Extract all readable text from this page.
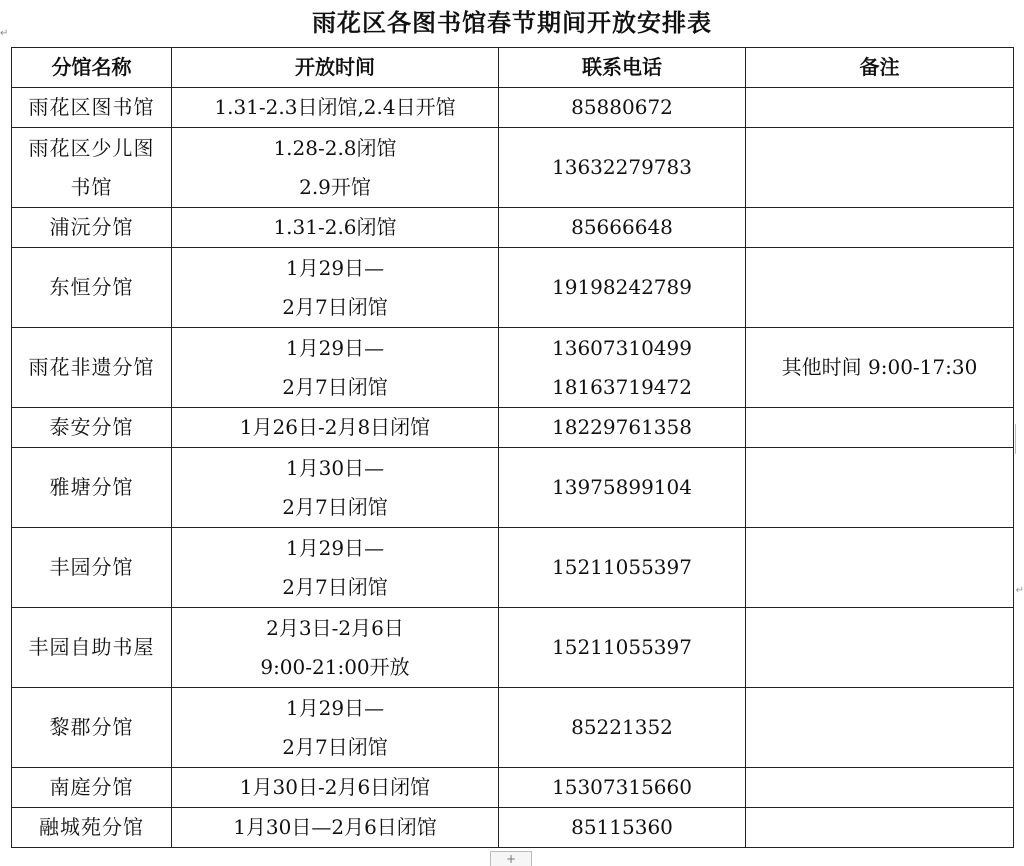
雨花区各图书馆春节期间开放安排表
↵
分馆名称	开放时间	联系电话	备注

雨花区图书馆	1.31-2.3日闭馆,2.4日开馆	85880672	

雨花区少儿图
书馆	1.28-2.8闭馆
2.9开馆	13632279783	

浦沅分馆	1.31-2.6闭馆	85666648	

东恒分馆	1月29日—
2月7日闭馆	19198242789	

雨花非遗分馆	1月29日—
2月7日闭馆	13607310499
18163719472	其他时间 9:00-17:30

泰安分馆	1月26日-2月8日闭馆	18229761358	

雅塘分馆	1月30日—
2月7日闭馆	13975899104	

丰园分馆	1月29日—
2月7日闭馆	15211055397	

丰园自助书屋	2月3日-2月6日
9:00-21:00开放	15211055397	

黎郡分馆	1月29日—
2月7日闭馆	85221352	

南庭分馆	1月30日-2月6日闭馆	15307315660	

融城苑分馆	1月30日—2月6日闭馆	85115360	

↵
+
